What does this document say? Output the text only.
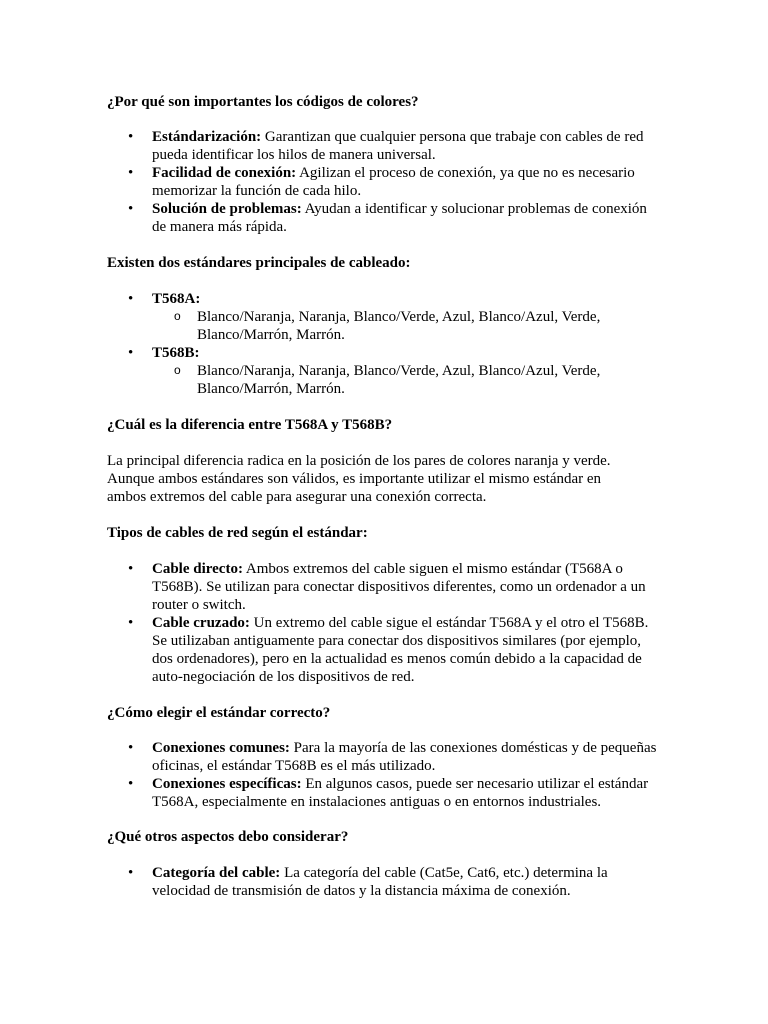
¿Por qué son importantes los códigos de colores?
• Estándarización: Garantizan que cualquier persona que trabaje con cables de red pueda identificar los hilos de manera universal.
• Facilidad de conexión: Agilizan el proceso de conexión, ya que no es necesario memorizar la función de cada hilo.
• Solución de problemas: Ayudan a identificar y solucionar problemas de conexión de manera más rápida.
Existen dos estándares principales de cableado:
• T568A:
o Blanco/Naranja, Naranja, Blanco/Verde, Azul, Blanco/Azul, Verde, Blanco/Marrón, Marrón.
• T568B:
o Blanco/Naranja, Naranja, Blanco/Verde, Azul, Blanco/Azul, Verde, Blanco/Marrón, Marrón.
¿Cuál es la diferencia entre T568A y T568B?

La principal diferencia radica en la posición de los pares de colores naranja y verde. Aunque ambos estándares son válidos, es importante utilizar el mismo estándar en ambos extremos del cable para asegurar una conexión correcta.

Tipos de cables de red según el estándar:
• Cable directo: Ambos extremos del cable siguen el mismo estándar (T568A o T568B). Se utilizan para conectar dispositivos diferentes, como un ordenador a un router o switch.
• Cable cruzado: Un extremo del cable sigue el estándar T568A y el otro el T568B. Se utilizaban antiguamente para conectar dos dispositivos similares (por ejemplo, dos ordenadores), pero en la actualidad es menos común debido a la capacidad de auto-negociación de los dispositivos de red.
¿Cómo elegir el estándar correcto?
• Conexiones comunes: Para la mayoría de las conexiones domésticas y de pequeñas oficinas, el estándar T568B es el más utilizado.
• Conexiones específicas: En algunos casos, puede ser necesario utilizar el estándar T568A, especialmente en instalaciones antiguas o en entornos industriales.
¿Qué otros aspectos debo considerar?
• Categoría del cable: La categoría del cable (Cat5e, Cat6, etc.) determina la velocidad de transmisión de datos y la distancia máxima de conexión.
